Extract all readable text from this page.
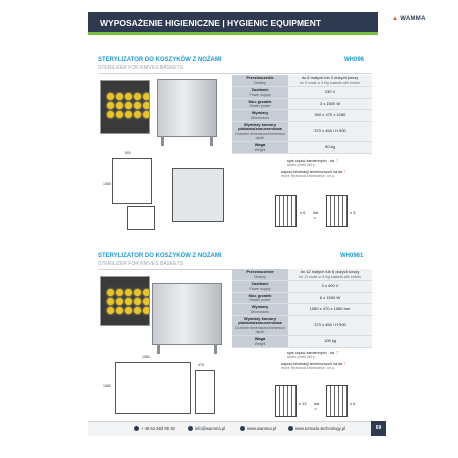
WYPOSAŻENIE HIGIENICZNE | HYGIENIC EQUIPMENT	▲ WAMMA
STERYLIZATOR DO KOSZYKÓW Z NOŻAMI
STERILIZER FOR KNIVES BASKETS
WH096
500
1080
Przeznaczenie
Destiny	do 6 małych lub 3 dużych koszy
for 6 small or 3 big baskets with knives

Zasilanie
Power supply	230 V
Moc grzałek
Heater power	3 x 1500 W
Wymiary
Dimensions	500 x 470 x 1080
Wymiary komory płukania/zanurzeniowa
Chamber dimensions/immersion depth	370 x 454 / H 500
Waga
Weight	80 kg
spis części zamiennych - str. 7
spare parts list p.
więcej informacji technicznych na str.7
more technical information on p.
x 6 lub
or
x 3
STERYLIZATOR DO KOSZYKÓW Z NOŻAMI
STERILIZER FOR KNIVES BASKETS
WH0961
1080
1080
470
Przeznaczenie
Destiny	do 12 małych lub 6 dużych koszy
for 12 small or 6 big baskets with knives

Zasilanie
Power supply	3 x 400 V
Moc grzałek
Heater power	6 x 1500 W
Wymiary
Dimensions	1080 x 470 x 1080 mm
Wymiary komory płukania/zanurzeniowa
Chamber dimensions/immersion depth	370 x 454 / H 500
Waga
Weight	105 kg
spis części zamiennych - str. 7
spare parts list p.
więcej informacji technicznych na str.7
more technical information on p.
x 12 lub
or
x 6
+ 48 52 583 95 30	info@wamma.pl	www.wamma.pl	www.tornado-technology.pl	69
